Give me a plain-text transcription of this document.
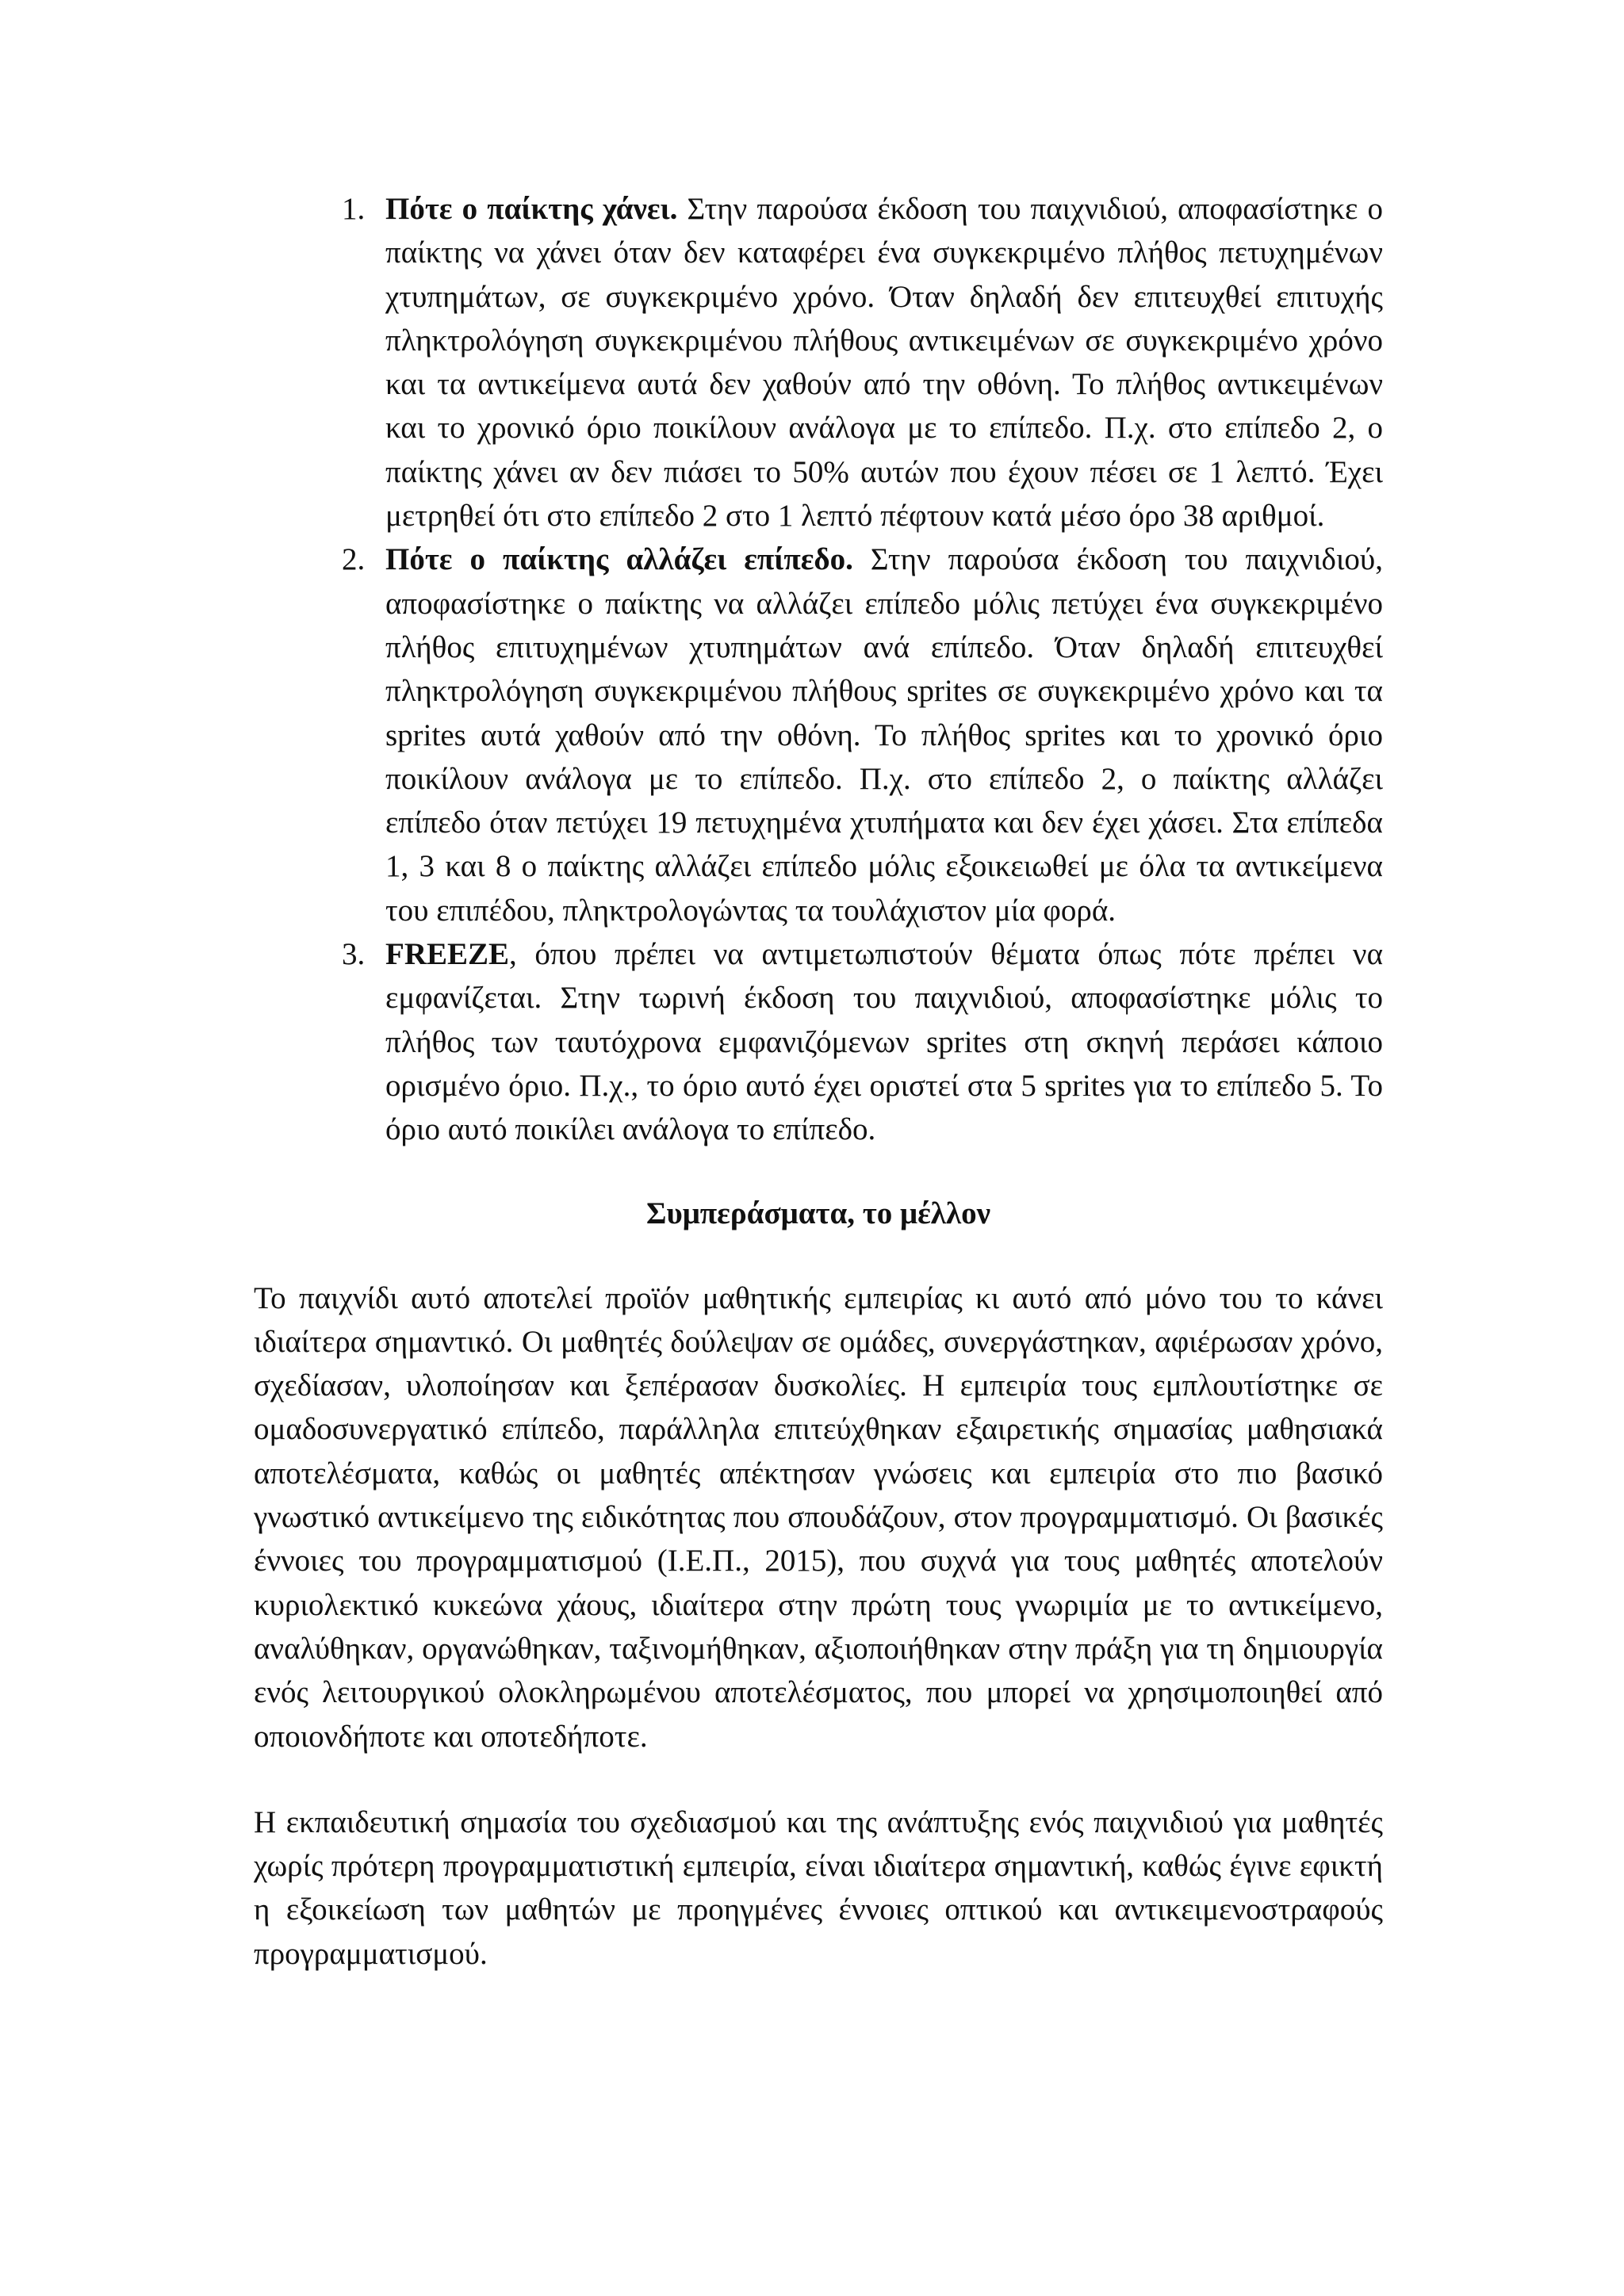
1. Πότε ο παίκτης χάνει. Στην παρούσα έκδοση του παιχνιδιού, αποφασίστηκε ο παίκτης να χάνει όταν δεν καταφέρει ένα συγκεκριμένο πλήθος πετυχημένων χτυπημάτων, σε συγκεκριμένο χρόνο. Όταν δηλαδή δεν επιτευχθεί επιτυχής πληκτρολόγηση συγκεκριμένου πλήθους αντικειμένων σε συγκεκριμένο χρόνο και τα αντικείμενα αυτά δεν χαθούν από την οθόνη. Το πλήθος αντικειμένων και το χρονικό όριο ποικίλουν ανάλογα με το επίπεδο. Π.χ. στο επίπεδο 2, ο παίκτης χάνει αν δεν πιάσει το 50% αυτών που έχουν πέσει σε 1 λεπτό. Έχει μετρηθεί ότι στο επίπεδο 2 στο 1 λεπτό πέφτουν κατά μέσο όρο 38 αριθμοί.
2. Πότε ο παίκτης αλλάζει επίπεδο. Στην παρούσα έκδοση του παιχνιδιού, αποφασίστηκε ο παίκτης να αλλάζει επίπεδο μόλις πετύχει ένα συγκεκριμένο πλήθος επιτυχημένων χτυπημάτων ανά επίπεδο. Όταν δηλαδή επιτευχθεί πληκτρολόγηση συγκεκριμένου πλήθους sprites σε συγκεκριμένο χρόνο και τα sprites αυτά χαθούν από την οθόνη. Το πλήθος sprites και το χρονικό όριο ποικίλουν ανάλογα με το επίπεδο. Π.χ. στο επίπεδο 2, ο παίκτης αλλάζει επίπεδο όταν πετύχει 19 πετυχημένα χτυπήματα και δεν έχει χάσει. Στα επίπεδα 1, 3 και 8 ο παίκτης αλλάζει επίπεδο μόλις εξοικειωθεί με όλα τα αντικείμενα του επιπέδου, πληκτρολογώντας τα τουλάχιστον μία φορά.
3. FREEZE, όπου πρέπει να αντιμετωπιστούν θέματα όπως πότε πρέπει να εμφανίζεται. Στην τωρινή έκδοση του παιχνιδιού, αποφασίστηκε μόλις το πλήθος των ταυτόχρονα εμφανιζόμενων sprites στη σκηνή περάσει κάποιο ορισμένο όριο. Π.χ., το όριο αυτό έχει οριστεί στα 5 sprites για το επίπεδο 5. Το όριο αυτό ποικίλει ανάλογα το επίπεδο.
Συμπεράσματα, το μέλλον

Το παιχνίδι αυτό αποτελεί προϊόν μαθητικής εμπειρίας κι αυτό από μόνο του το κάνει ιδιαίτερα σημαντικό. Οι μαθητές δούλεψαν σε ομάδες, συνεργάστηκαν, αφιέρωσαν χρόνο, σχεδίασαν, υλοποίησαν και ξεπέρασαν δυσκολίες. Η εμπειρία τους εμπλουτίστηκε σε ομαδοσυνεργατικό επίπεδο, παράλληλα επιτεύχθηκαν εξαιρετικής σημασίας μαθησιακά αποτελέσματα, καθώς οι μαθητές απέκτησαν γνώσεις και εμπειρία στο πιο βασικό γνωστικό αντικείμενο της ειδικότητας που σπουδάζουν, στον προγραμματισμό. Οι βασικές έννοιες του προγραμματισμού (Ι.Ε.Π., 2015), που συχνά για τους μαθητές αποτελούν κυριολεκτικό κυκεώνα χάους, ιδιαίτερα στην πρώτη τους γνωριμία με το αντικείμενο, αναλύθηκαν, οργανώθηκαν, ταξινομήθηκαν, αξιοποιήθηκαν στην πράξη για τη δημιουργία ενός λειτουργικού ολοκληρωμένου αποτελέσματος, που μπορεί να χρησιμοποιηθεί από οποιονδήποτε και οποτεδήποτε.

Η εκπαιδευτική σημασία του σχεδιασμού και της ανάπτυξης ενός παιχνιδιού για μαθητές χωρίς πρότερη προγραμματιστική εμπειρία, είναι ιδιαίτερα σημαντική, καθώς έγινε εφικτή η εξοικείωση των μαθητών με προηγμένες έννοιες οπτικού και αντικειμενοστραφούς προγραμματισμού.
